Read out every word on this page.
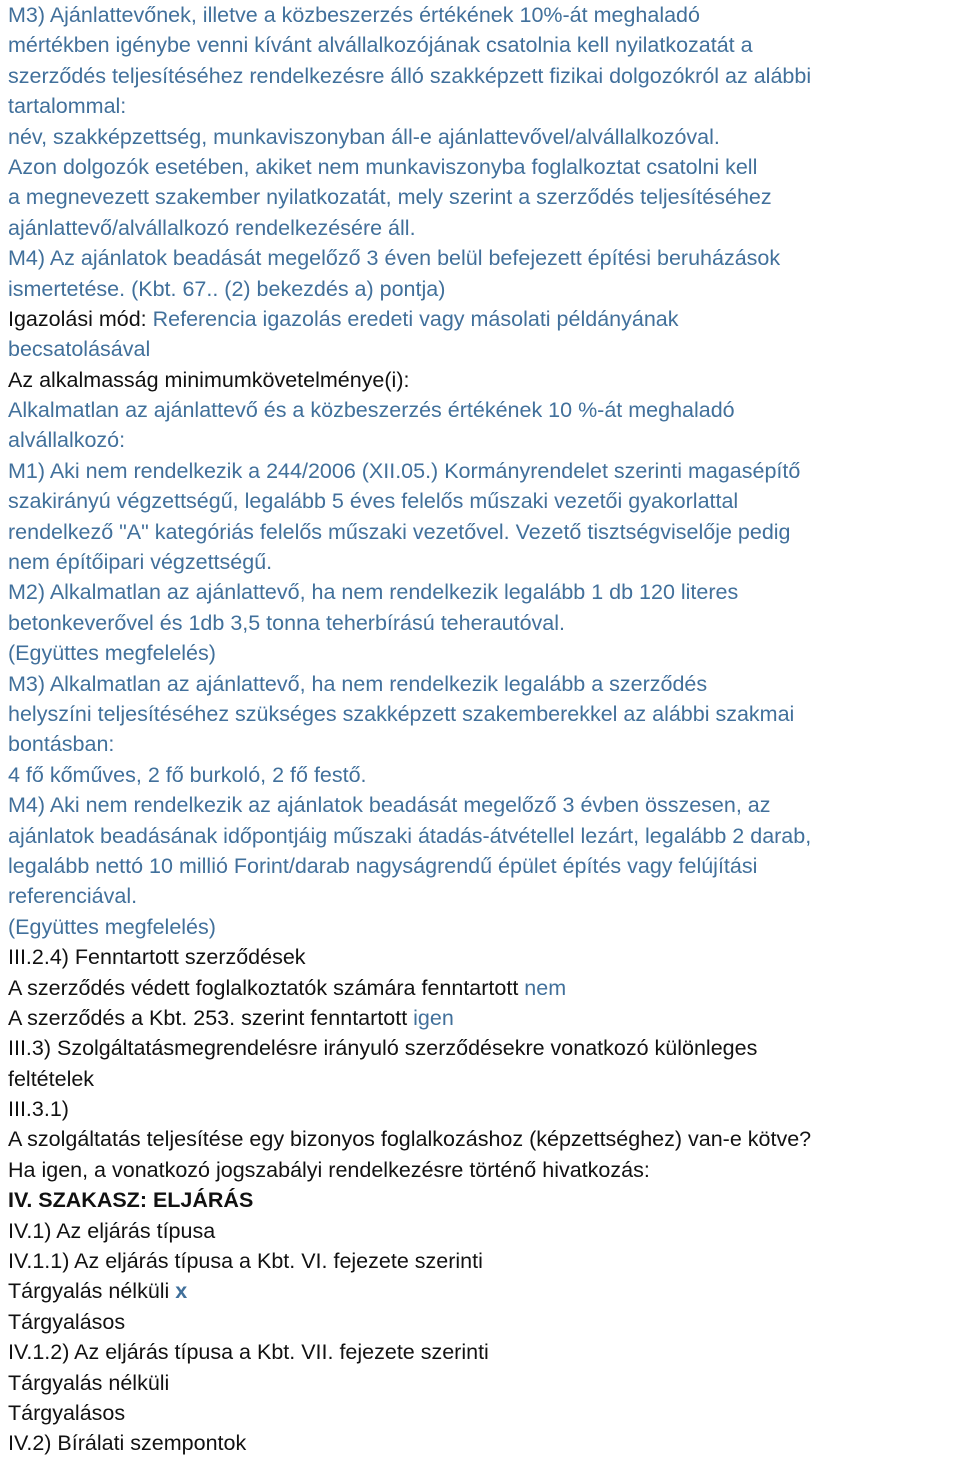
M3) Ajánlattevőnek, illetve a közbeszerzés értékének 10%-át meghaladó
mértékben igénybe venni kívánt alvállalkozójának csatolnia kell nyilatkozatát a
szerződés teljesítéséhez rendelkezésre álló szakképzett fizikai dolgozókról az alábbi
tartalommal:
név, szakképzettség, munkaviszonyban áll-e ajánlattevővel/alvállalkozóval.
Azon dolgozók esetében, akiket nem munkaviszonyba foglalkoztat csatolni kell
a megnevezett szakember nyilatkozatát, mely szerint a szerződés teljesítéséhez
ajánlattevő/alvállalkozó rendelkezésére áll.
M4) Az ajánlatok beadását megelőző 3 éven belül befejezett építési beruházások
ismertetése. (Kbt. 67.. (2) bekezdés a) pontja)
Igazolási mód: Referencia igazolás eredeti vagy másolati példányának
becsatolásával
Az alkalmasság minimumkövetelménye(i):
Alkalmatlan az ajánlattevő és a közbeszerzés értékének 10 %-át meghaladó
alvállalkozó:
M1) Aki nem rendelkezik a 244/2006 (XII.05.) Kormányrendelet szerinti magasépítő
szakirányú végzettségű, legalább 5 éves felelős műszaki vezetői gyakorlattal
rendelkező "A" kategóriás felelős műszaki vezetővel. Vezető tisztségviselője pedig
nem építőipari végzettségű.
M2) Alkalmatlan az ajánlattevő, ha nem rendelkezik legalább 1 db 120 literes
betonkeverővel és 1db 3,5 tonna teherbírású teherautóval.
(Együttes megfelelés)
M3) Alkalmatlan az ajánlattevő, ha nem rendelkezik legalább a szerződés
helyszíni teljesítéséhez szükséges szakképzett szakemberekkel az alábbi szakmai
bontásban:
4 fő kőműves, 2 fő burkoló, 2 fő festő.
M4) Aki nem rendelkezik az ajánlatok beadását megelőző 3 évben összesen, az
ajánlatok beadásának időpontjáig műszaki átadás-átvétellel lezárt, legalább 2 darab,
legalább nettó 10 millió Forint/darab nagyságrendű épület építés vagy felújítási
referenciával.
(Együttes megfelelés)
III.2.4) Fenntartott szerződések
A szerződés védett foglalkoztatók számára fenntartott nem
A szerződés a Kbt. 253. szerint fenntartott igen
III.3) Szolgáltatásmegrendelésre irányuló szerződésekre vonatkozó különleges
feltételek
III.3.1)
A szolgáltatás teljesítése egy bizonyos foglalkozáshoz (képzettséghez) van-e kötve?
Ha igen, a vonatkozó jogszabályi rendelkezésre történő hivatkozás:
IV. SZAKASZ: ELJÁRÁS
IV.1) Az eljárás típusa
IV.1.1) Az eljárás típusa a Kbt. VI. fejezete szerinti
Tárgyalás nélküli x
Tárgyalásos
IV.1.2) Az eljárás típusa a Kbt. VII. fejezete szerinti
Tárgyalás nélküli
Tárgyalásos
IV.2) Bírálati szempontok
